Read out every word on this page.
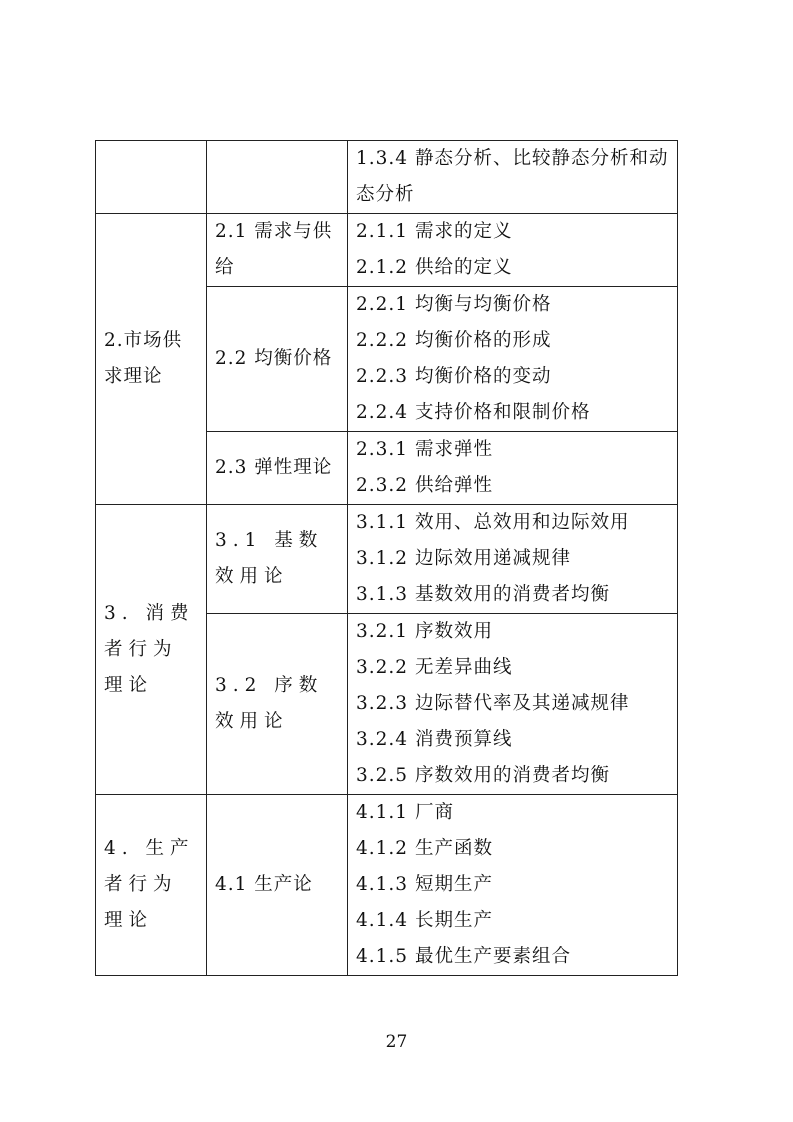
		1.3.4 静态分析、比较静态分析和动态分析

2.市场供求理论	2.1 需求与供给	2.1.1 需求的定义
2.1.2 供给的定义

	2.2 均衡价格	2.2.1 均衡与均衡价格
2.2.2 均衡价格的形成
2.2.3 均衡价格的变动
2.2.4 支持价格和限制价格

	2.3 弹性理论	2.3.1 需求弹性
2.3.2 供给弹性

3. 消费者行为理论	3.1 基数效用论	3.1.1 效用、总效用和边际效用
3.1.2 边际效用递减规律
3.1.3 基数效用的消费者均衡

	3.2 序数效用论	3.2.1 序数效用
3.2.2 无差异曲线
3.2.3 边际替代率及其递减规律
3.2.4 消费预算线
3.2.5 序数效用的消费者均衡

4. 生产者行为理论	4.1 生产论	4.1.1 厂商
4.1.2 生产函数
4.1.3 短期生产
4.1.4 长期生产
4.1.5 最优生产要素组合
27
